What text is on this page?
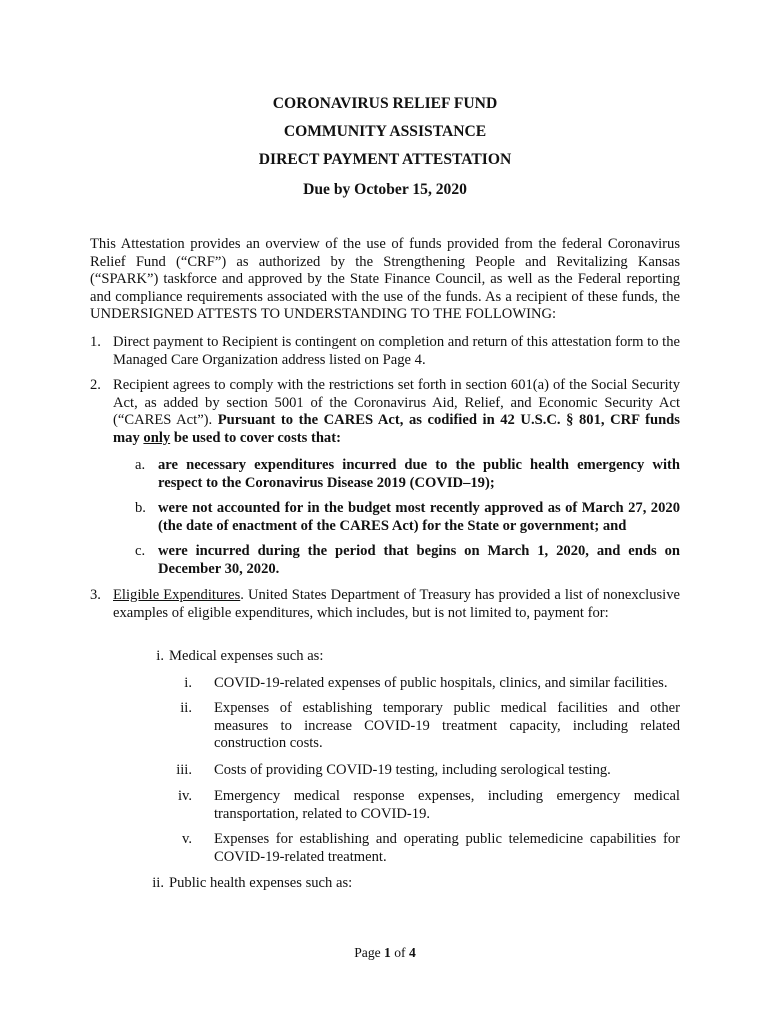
CORONAVIRUS RELIEF FUND
COMMUNITY ASSISTANCE
DIRECT PAYMENT ATTESTATION
Due by October 15, 2020
This Attestation provides an overview of the use of funds provided from the federal Coronavirus Relief Fund (“CRF”) as authorized by the Strengthening People and Revitalizing Kansas (“SPARK”) taskforce and approved by the State Finance Council, as well as the Federal reporting and compliance requirements associated with the use of the funds. As a recipient of these funds, the UNDERSIGNED ATTESTS TO UNDERSTANDING TO THE FOLLOWING:
1. Direct payment to Recipient is contingent on completion and return of this attestation form to the Managed Care Organization address listed on Page 4.
2. Recipient agrees to comply with the restrictions set forth in section 601(a) of the Social Security Act, as added by section 5001 of the Coronavirus Aid, Relief, and Economic Security Act (“CARES Act”). Pursuant to the CARES Act, as codified in 42 U.S.C. § 801, CRF funds may only be used to cover costs that:
a. are necessary expenditures incurred due to the public health emergency with respect to the Coronavirus Disease 2019 (COVID–19);
b. were not accounted for in the budget most recently approved as of March 27, 2020 (the date of enactment of the CARES Act) for the State or government; and
c. were incurred during the period that begins on March 1, 2020, and ends on December 30, 2020.
3. Eligible Expenditures. United States Department of Treasury has provided a list of nonexclusive examples of eligible expenditures, which includes, but is not limited to, payment for:
i. Medical expenses such as:
i. COVID-19-related expenses of public hospitals, clinics, and similar facilities.
ii. Expenses of establishing temporary public medical facilities and other measures to increase COVID-19 treatment capacity, including related construction costs.
iii. Costs of providing COVID-19 testing, including serological testing.
iv. Emergency medical response expenses, including emergency medical transportation, related to COVID-19.
v. Expenses for establishing and operating public telemedicine capabilities for COVID-19-related treatment.
ii. Public health expenses such as:
Page 1 of 4
